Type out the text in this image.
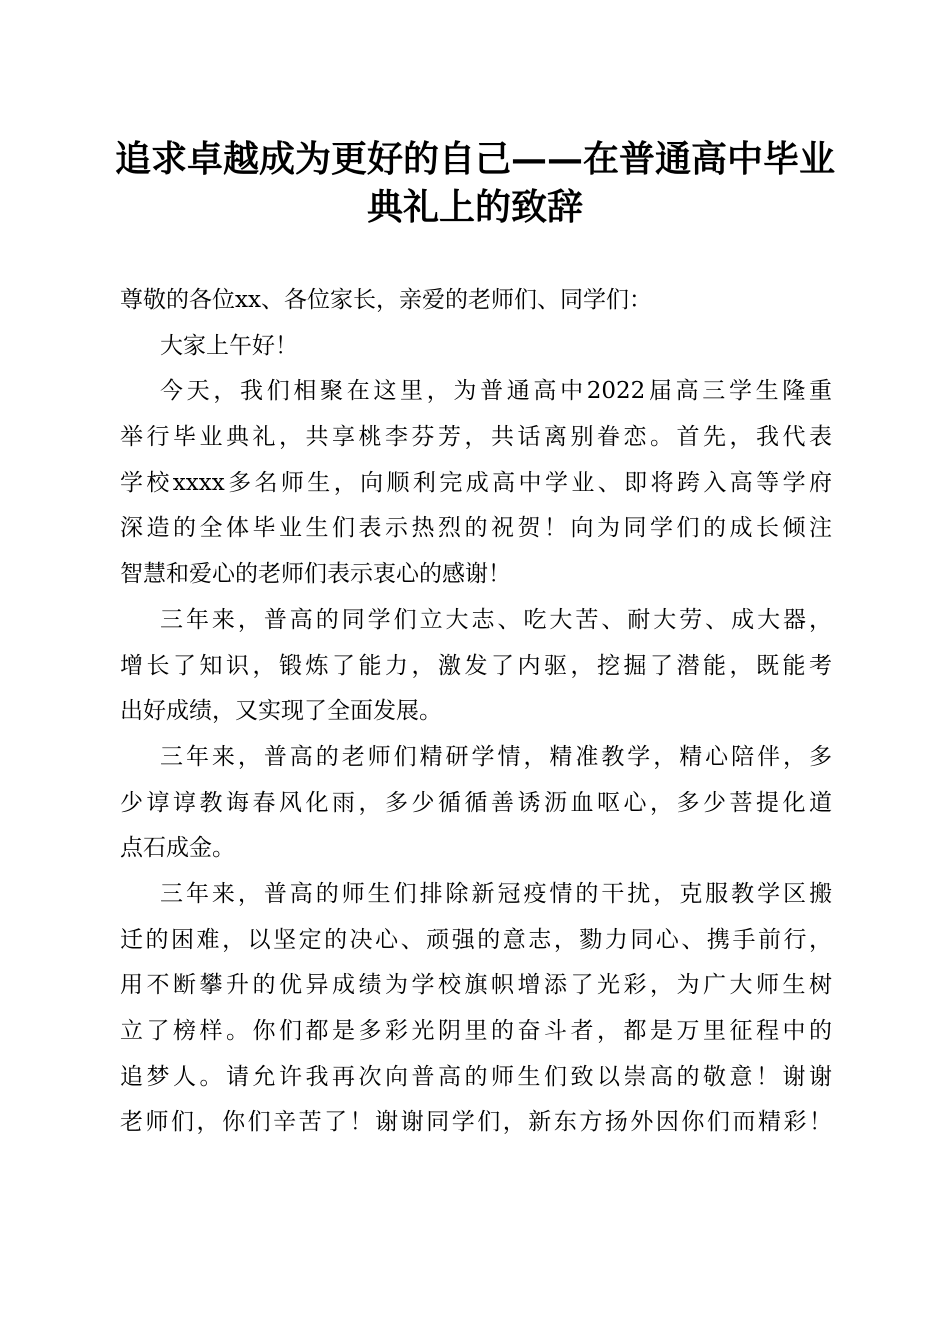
追求卓越成为更好的自己——在普通高中毕业
典礼上的致辞
尊敬的各位xx、各位家长，亲爱的老师们、同学们：
大家上午好！
今天，我们相聚在这里，为普通高中2022届高三学生隆重
举行毕业典礼，共享桃李芬芳，共话离别眷恋。首先，我代表
学校xxxx多名师生，向顺利完成高中学业、即将跨入高等学府
深造的全体毕业生们表示热烈的祝贺！向为同学们的成长倾注
智慧和爱心的老师们表示衷心的感谢！
三年来，普高的同学们立大志、吃大苦、耐大劳、成大器，
增长了知识，锻炼了能力，激发了内驱，挖掘了潜能，既能考
出好成绩，又实现了全面发展。
三年来，普高的老师们精研学情，精准教学，精心陪伴，多
少谆谆教诲春风化雨，多少循循善诱沥血呕心，多少菩提化道
点石成金。
三年来，普高的师生们排除新冠疫情的干扰，克服教学区搬
迁的困难，以坚定的决心、顽强的意志，勠力同心、携手前行，
用不断攀升的优异成绩为学校旗帜增添了光彩，为广大师生树
立了榜样。你们都是多彩光阴里的奋斗者，都是万里征程中的
追梦人。请允许我再次向普高的师生们致以崇高的敬意！谢谢
老师们，你们辛苦了！谢谢同学们，新东方扬外因你们而精彩！
